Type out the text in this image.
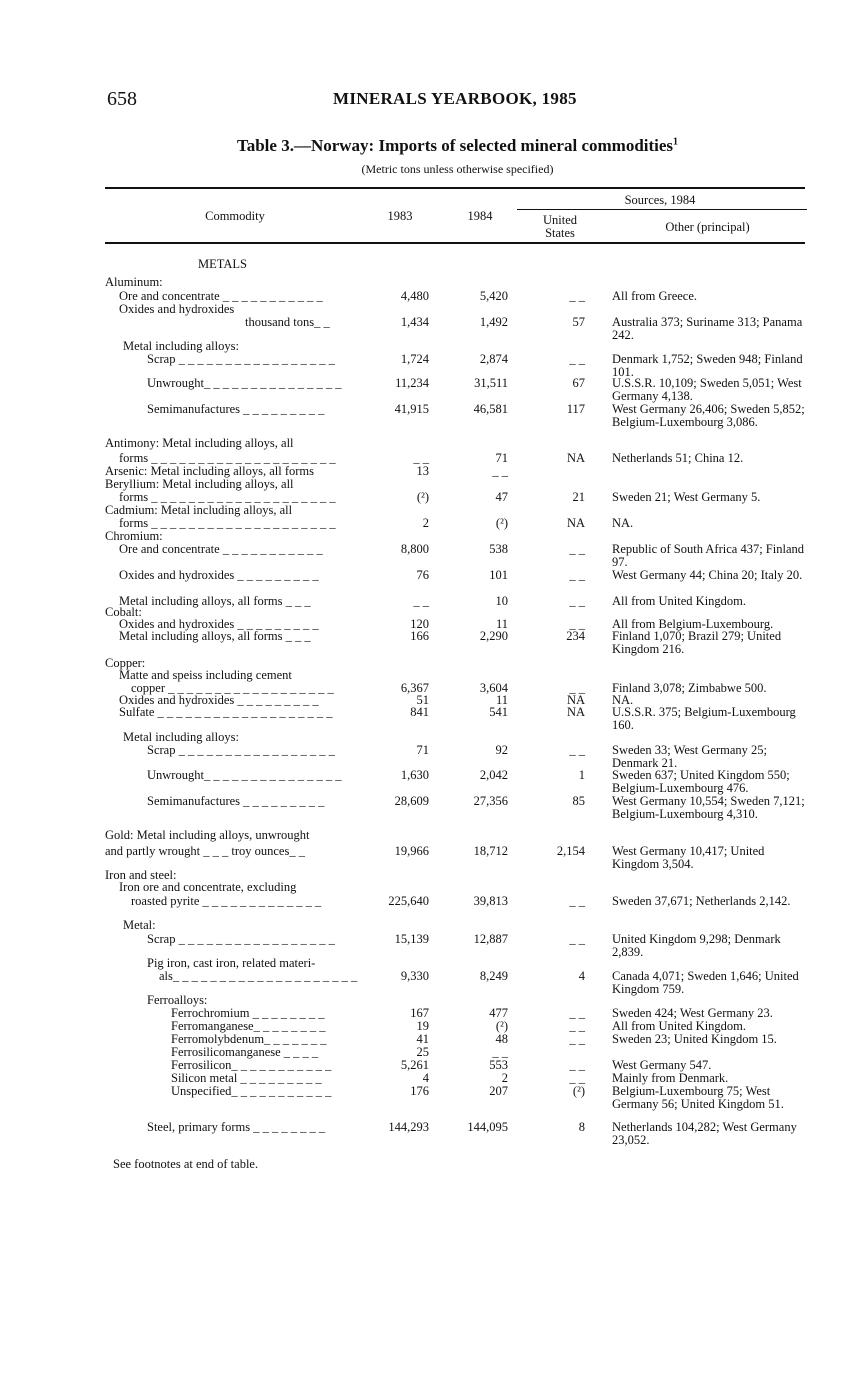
658	MINERALS YEARBOOK, 1985
Table 3.—Norway: Imports of selected mineral commodities$^1$
(Metric tons unless otherwise specified)
Commodity	1983	1984
Sources, 1984
United States	Other (principal)
METALS
Aluminum:
Ore and concentrate _ _ _ _ _ _ _ _ _ _ _	4,480	5,420	_ _ All from Greece.
Oxides and hydroxides
thousand tons_ _	1,434	1,492	57 Australia 373; Suriname 313; Panama 242.
Metal including alloys:
Scrap _ _ _ _ _ _ _ _ _ _ _ _ _ _ _ _ _	1,724	2,874	_ _ Denmark 1,752; Sweden 948; Finland 101.
Unwrought_ _ _ _ _ _ _ _ _ _ _ _ _ _ _	11,234	31,511	67 U.S.S.R. 10,109; Sweden 5,051; West Germany 4,138.
Semimanufactures _ _ _ _ _ _ _ _ _	41,915	46,581	117 West Germany 26,406; Sweden 5,852; Belgium-Luxembourg 3,086.
Antimony: Metal including alloys, all
forms _ _ _ _ _ _ _ _ _ _ _ _ _ _ _ _ _ _ _ _	_ _	71	NA Netherlands 51; China 12.
Arsenic: Metal including alloys, all forms	13	_ _
Beryllium: Metal including alloys, all
forms _ _ _ _ _ _ _ _ _ _ _ _ _ _ _ _ _ _ _ _	(²)	47	21 Sweden 21; West Germany 5.
Cadmium: Metal including alloys, all
forms _ _ _ _ _ _ _ _ _ _ _ _ _ _ _ _ _ _ _ _	2	(²)	NA NA.
Chromium:
Ore and concentrate _ _ _ _ _ _ _ _ _ _ _	8,800	538	_ _ Republic of South Africa 437; Finland 97.
Oxides and hydroxides _ _ _ _ _ _ _ _ _	76	101	_ _ West Germany 44; China 20; Italy 20.
Metal including alloys, all forms _ _ _	_ _	10	_ _ All from United Kingdom.
Cobalt:
Oxides and hydroxides _ _ _ _ _ _ _ _ _	120	11	_ _ All from Belgium-Luxembourg.
Metal including alloys, all forms _ _ _	166	2,290	234 Finland 1,070; Brazil 279; United Kingdom 216.
Copper:
Matte and speiss including cement
copper _ _ _ _ _ _ _ _ _ _ _ _ _ _ _ _ _ _	6,367	3,604	_ _ Finland 3,078; Zimbabwe 500.
Oxides and hydroxides _ _ _ _ _ _ _ _ _	51	11	NA NA.
Sulfate _ _ _ _ _ _ _ _ _ _ _ _ _ _ _ _ _ _ _	841	541	NA U.S.S.R. 375; Belgium-Luxembourg 160.
Metal including alloys:
Scrap _ _ _ _ _ _ _ _ _ _ _ _ _ _ _ _ _	71	92	_ _ Sweden 33; West Germany 25; Denmark 21.
Unwrought_ _ _ _ _ _ _ _ _ _ _ _ _ _ _	1,630	2,042	1 Sweden 637; United Kingdom 550; Belgium-Luxembourg 476.
Semimanufactures _ _ _ _ _ _ _ _ _	28,609	27,356	85 West Germany 10,554; Sweden 7,121; Belgium-Luxembourg 4,310.
Gold: Metal including alloys, unwrought
and partly wrought _ _ _ troy ounces_ _	19,966	18,712	2,154 West Germany 10,417; United Kingdom 3,504.
Iron and steel:
Iron ore and concentrate, excluding
roasted pyrite _ _ _ _ _ _ _ _ _ _ _ _ _	225,640	39,813	_ _ Sweden 37,671; Netherlands 2,142.
Metal:
Scrap _ _ _ _ _ _ _ _ _ _ _ _ _ _ _ _ _	15,139	12,887	_ _ United Kingdom 9,298; Denmark 2,839.
Pig iron, cast iron, related materi-
als_ _ _ _ _ _ _ _ _ _ _ _ _ _ _ _ _ _ _ _	9,330	8,249	4 Canada 4,071; Sweden 1,646; United Kingdom 759.
Ferroalloys:
Ferrochromium _ _ _ _ _ _ _ _	167	477	_ _ Sweden 424; West Germany 23.
Ferromanganese_ _ _ _ _ _ _ _	19	(²)	_ _ All from United Kingdom.
Ferromolybdenum_ _ _ _ _ _ _	41	48	_ _ Sweden 23; United Kingdom 15.
Ferrosilicomanganese _ _ _ _	25	_ _
Ferrosilicon_ _ _ _ _ _ _ _ _ _ _	5,261	553	_ _ West Germany 547.
Silicon metal _ _ _ _ _ _ _ _ _	4	2	_ _ Mainly from Denmark.
Unspecified_ _ _ _ _ _ _ _ _ _ _	176	207	(²) Belgium-Luxembourg 75; West Germany 56; United Kingdom 51.
Steel, primary forms _ _ _ _ _ _ _ _	144,293	144,095	8 Netherlands 104,282; West Germany 23,052.
See footnotes at end of table.
